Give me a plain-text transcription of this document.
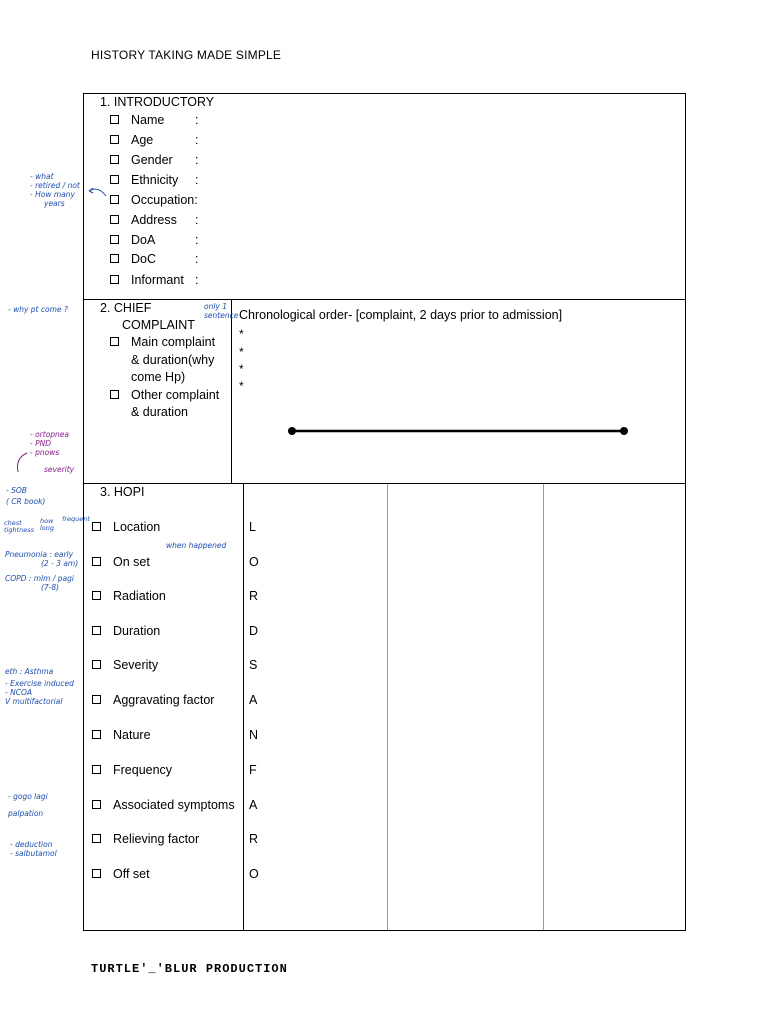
HISTORY TAKING MADE SIMPLE
1. INTRODUCTORY
Name :
Age	:
Gender :
Ethnicity :
Occupation:
Address :
DoA	:
DoC	:
Informant :
2. CHIEF
COMPLAINT
Main complaint
& duration(why
come Hp)
Other complaint
& duration
Chronological order- [complaint, 2 days prior to admission]
*
*
*
*
3. HOPI
Location	L
On set	O
Radiation	R
Duration	D
Severity	S
Aggravating factor	A
Nature	N
Frequency	F
Associated symptoms A
Relieving factor	R
Off set	O
- what
- retired / not
- How many
years
- why pt come ?	only 1
sentence
- ortopnea
- PND
- pnows
severity
- SOB
( CR book)
chest
tightness
how
long
frequent
Pneumonia : early
(2 - 3 am)
COPD : mlm / pagi
(7-8)
when happened
eth : Asthma
- Exercise induced
- NCOA
V multifactorial
- gogo lagi
palpation
- deduction
- salbutamol
TURTLE'_'BLUR PRODUCTION
